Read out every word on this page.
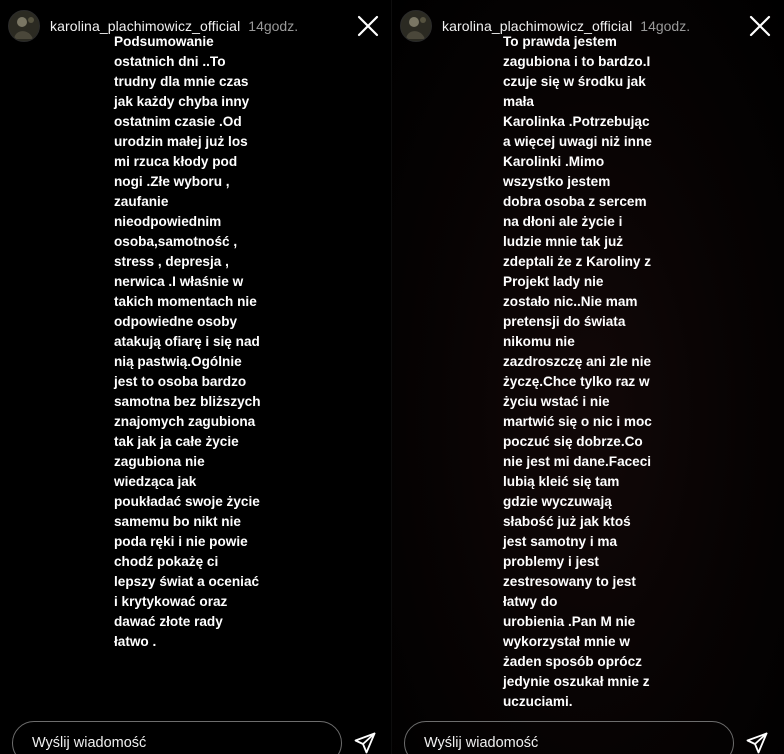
karolina_plachimowicz_official 14godz.
Podsumowanie
ostatnich dni ..To
trudny dla mnie czas
jak każdy chyba inny
ostatnim czasie .Od
urodzin małej już los
mi rzuca kłody pod
nogi .Złe wyboru ,
zaufanie
nieodpowiednim
osoba,samotność ,
stress , depresja ,
nerwica .I właśnie w
takich momentach nie
odpowiedne osoby
atakują ofiarę i się nad
nią pastwią.Ogólnie
jest to osoba bardzo
samotna bez bliższych
znajomych zagubiona
tak jak ja całe życie
zagubiona nie
wiedząca jak
poukładać swoje życie
samemu bo nikt nie
poda ręki i nie powie
chodź pokażę ci
lepszy świat a oceniać
i krytykować oraz
dawać złote rady
łatwo .
Wyślij wiadomość
karolina_plachimowicz_official 14godz.
To prawda jestem
zagubiona i to bardzo.I
czuje się w środku jak
mała
Karolinka .Potrzebując
a więcej uwagi niż inne
Karolinki .Mimo
wszystko jestem
dobra osoba z sercem
na dłoni ale życie i
ludzie mnie tak już
zdeptali że z Karoliny z
Projekt lady nie
zostało nic..Nie mam
pretensji do świata
nikomu nie
zazdroszczę ani zle nie
życzę.Chce tylko raz w
życiu wstać i nie
martwić się o nic i moc
poczuć się dobrze.Co
nie jest mi dane.Faceci
lubią kleić się tam
gdzie wyczuwają
słabość już jak ktoś
jest samotny i ma
problemy i jest
zestresowany to jest
łatwy do
urobienia .Pan M nie
wykorzystał mnie w
żaden sposób oprócz
jedynie oszukał mnie z
uczuciami.
Wyślij wiadomość
